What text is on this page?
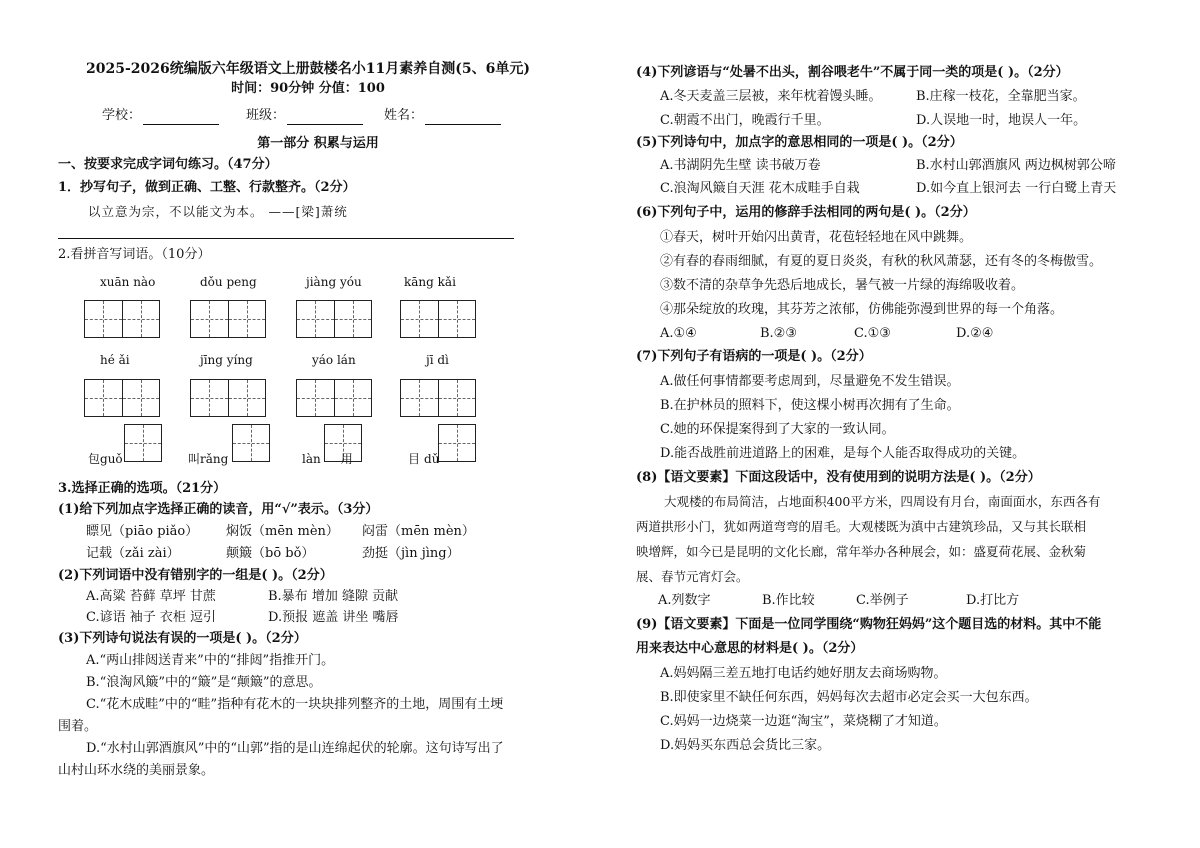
2025-2026统编版六年级语文上册鼓楼名小11月素养自测(5、6单元)
时间：90分钟 分值：100
学校：	班级：	姓名：
第一部分 积累与运用
一、按要求完成字词句练习。（47分）
1．抄写句子，做到正确、工整、行款整齐。（2分）
以立意为宗，不以能文为本。 ——[梁]萧统
2.看拼音写词语。（10分）
xuān nào	dǒu peng	jiàng yóu	kāng kǎi
hé ǎi	jīng yíng	yáo lán	jī dì
包guǒ	叫rǎng	làn 用	目 dǔ
3.选择正确的选项。（21分）
(1)给下列加点字选择正确的读音，用“√”表示。（3分）
瞟见（piāo piǎo） 焖饭（mēn mèn） 闷雷（mēn mèn）
记载（zǎi zài）	颠簸（bō bǒ）	劲挺（jìn jìng）
(2)下列词语中没有错别字的一组是( )。（2分）
A.高粱 苔藓 草坪 甘蔗	B.暴布 增加 缝隙 贡献
C.谚语 袖子 衣柜 逗引	D.预报 遮盖 讲坐 嘴唇
(3)下列诗句说法有误的一项是( )。（2分）
A.“两山排闼送青来”中的“排闼”指推开门。
B.“浪淘风簸”中的“簸”是“颠簸”的意思。
C.“花木成畦”中的“畦”指种有花木的一块块排列整齐的土地，周围有土埂
围着。
D.“水村山郭酒旗风”中的“山郭”指的是山连绵起伏的轮廓。这句诗写出了
山村山环水绕的美丽景象。
(4)下列谚语与“处暑不出头，割谷喂老牛”不属于同一类的项是( )。（2分）
A.冬天麦盖三层被，来年枕着馒头睡。	B.庄稼一枝花，全靠肥当家。
C.朝霞不出门，晚霞行千里。	D.人误地一时，地误人一年。
(5)下列诗句中，加点字的意思相同的一项是( )。（2分）
A.书湖阴先生壁 读书破万卷	B.水村山郭酒旗风 两边枫树郭公啼
C.浪淘风簸自天涯 花木成畦手自栽	D.如今直上银河去 一行白鹭上青天
(6)下列句子中，运用的修辞手法相同的两句是( )。（2分）
①春天，树叶开始闪出黄青，花苞轻轻地在风中跳舞。
②有春的春雨细腻，有夏的夏日炎炎，有秋的秋风萧瑟，还有冬的冬梅傲雪。
③数不清的杂草争先恐后地成长，暑气被一片绿的海绵吸收着。
④那朵绽放的玫瑰，其芬芳之浓郁，仿佛能弥漫到世界的每一个角落。
A.①④	B.②③	C.①③	D.②④
(7)下列句子有语病的一项是( )。（2分）
A.做任何事情都要考虑周到，尽量避免不发生错误。
B.在护林员的照料下，使这棵小树再次拥有了生命。
C.她的环保提案得到了大家的一致认同。
D.能否战胜前进道路上的困难，是每个人能否取得成功的关键。
(8)【语文要素】下面这段话中，没有使用到的说明方法是( )。（2分）
大观楼的布局简洁，占地面积400平方米，四周设有月台，南面面水，东西各有
两道拱形小门，犹如两道弯弯的眉毛。大观楼既为滇中古建筑珍品，又与其长联相
映增辉，如今已是昆明的文化长廊，常年举办各种展会，如：盛夏荷花展、金秋菊
展、春节元宵灯会。
A.列数字	B.作比较	C.举例子	D.打比方
(9)【语文要素】下面是一位同学围绕“购物狂妈妈”这个题目选的材料。其中不能
用来表达中心意思的材料是( )。（2分）
A.妈妈隔三差五地打电话约她好朋友去商场购物。
B.即使家里不缺任何东西，妈妈每次去超市必定会买一大包东西。
C.妈妈一边烧菜一边逛“淘宝”，菜烧糊了才知道。
D.妈妈买东西总会货比三家。
